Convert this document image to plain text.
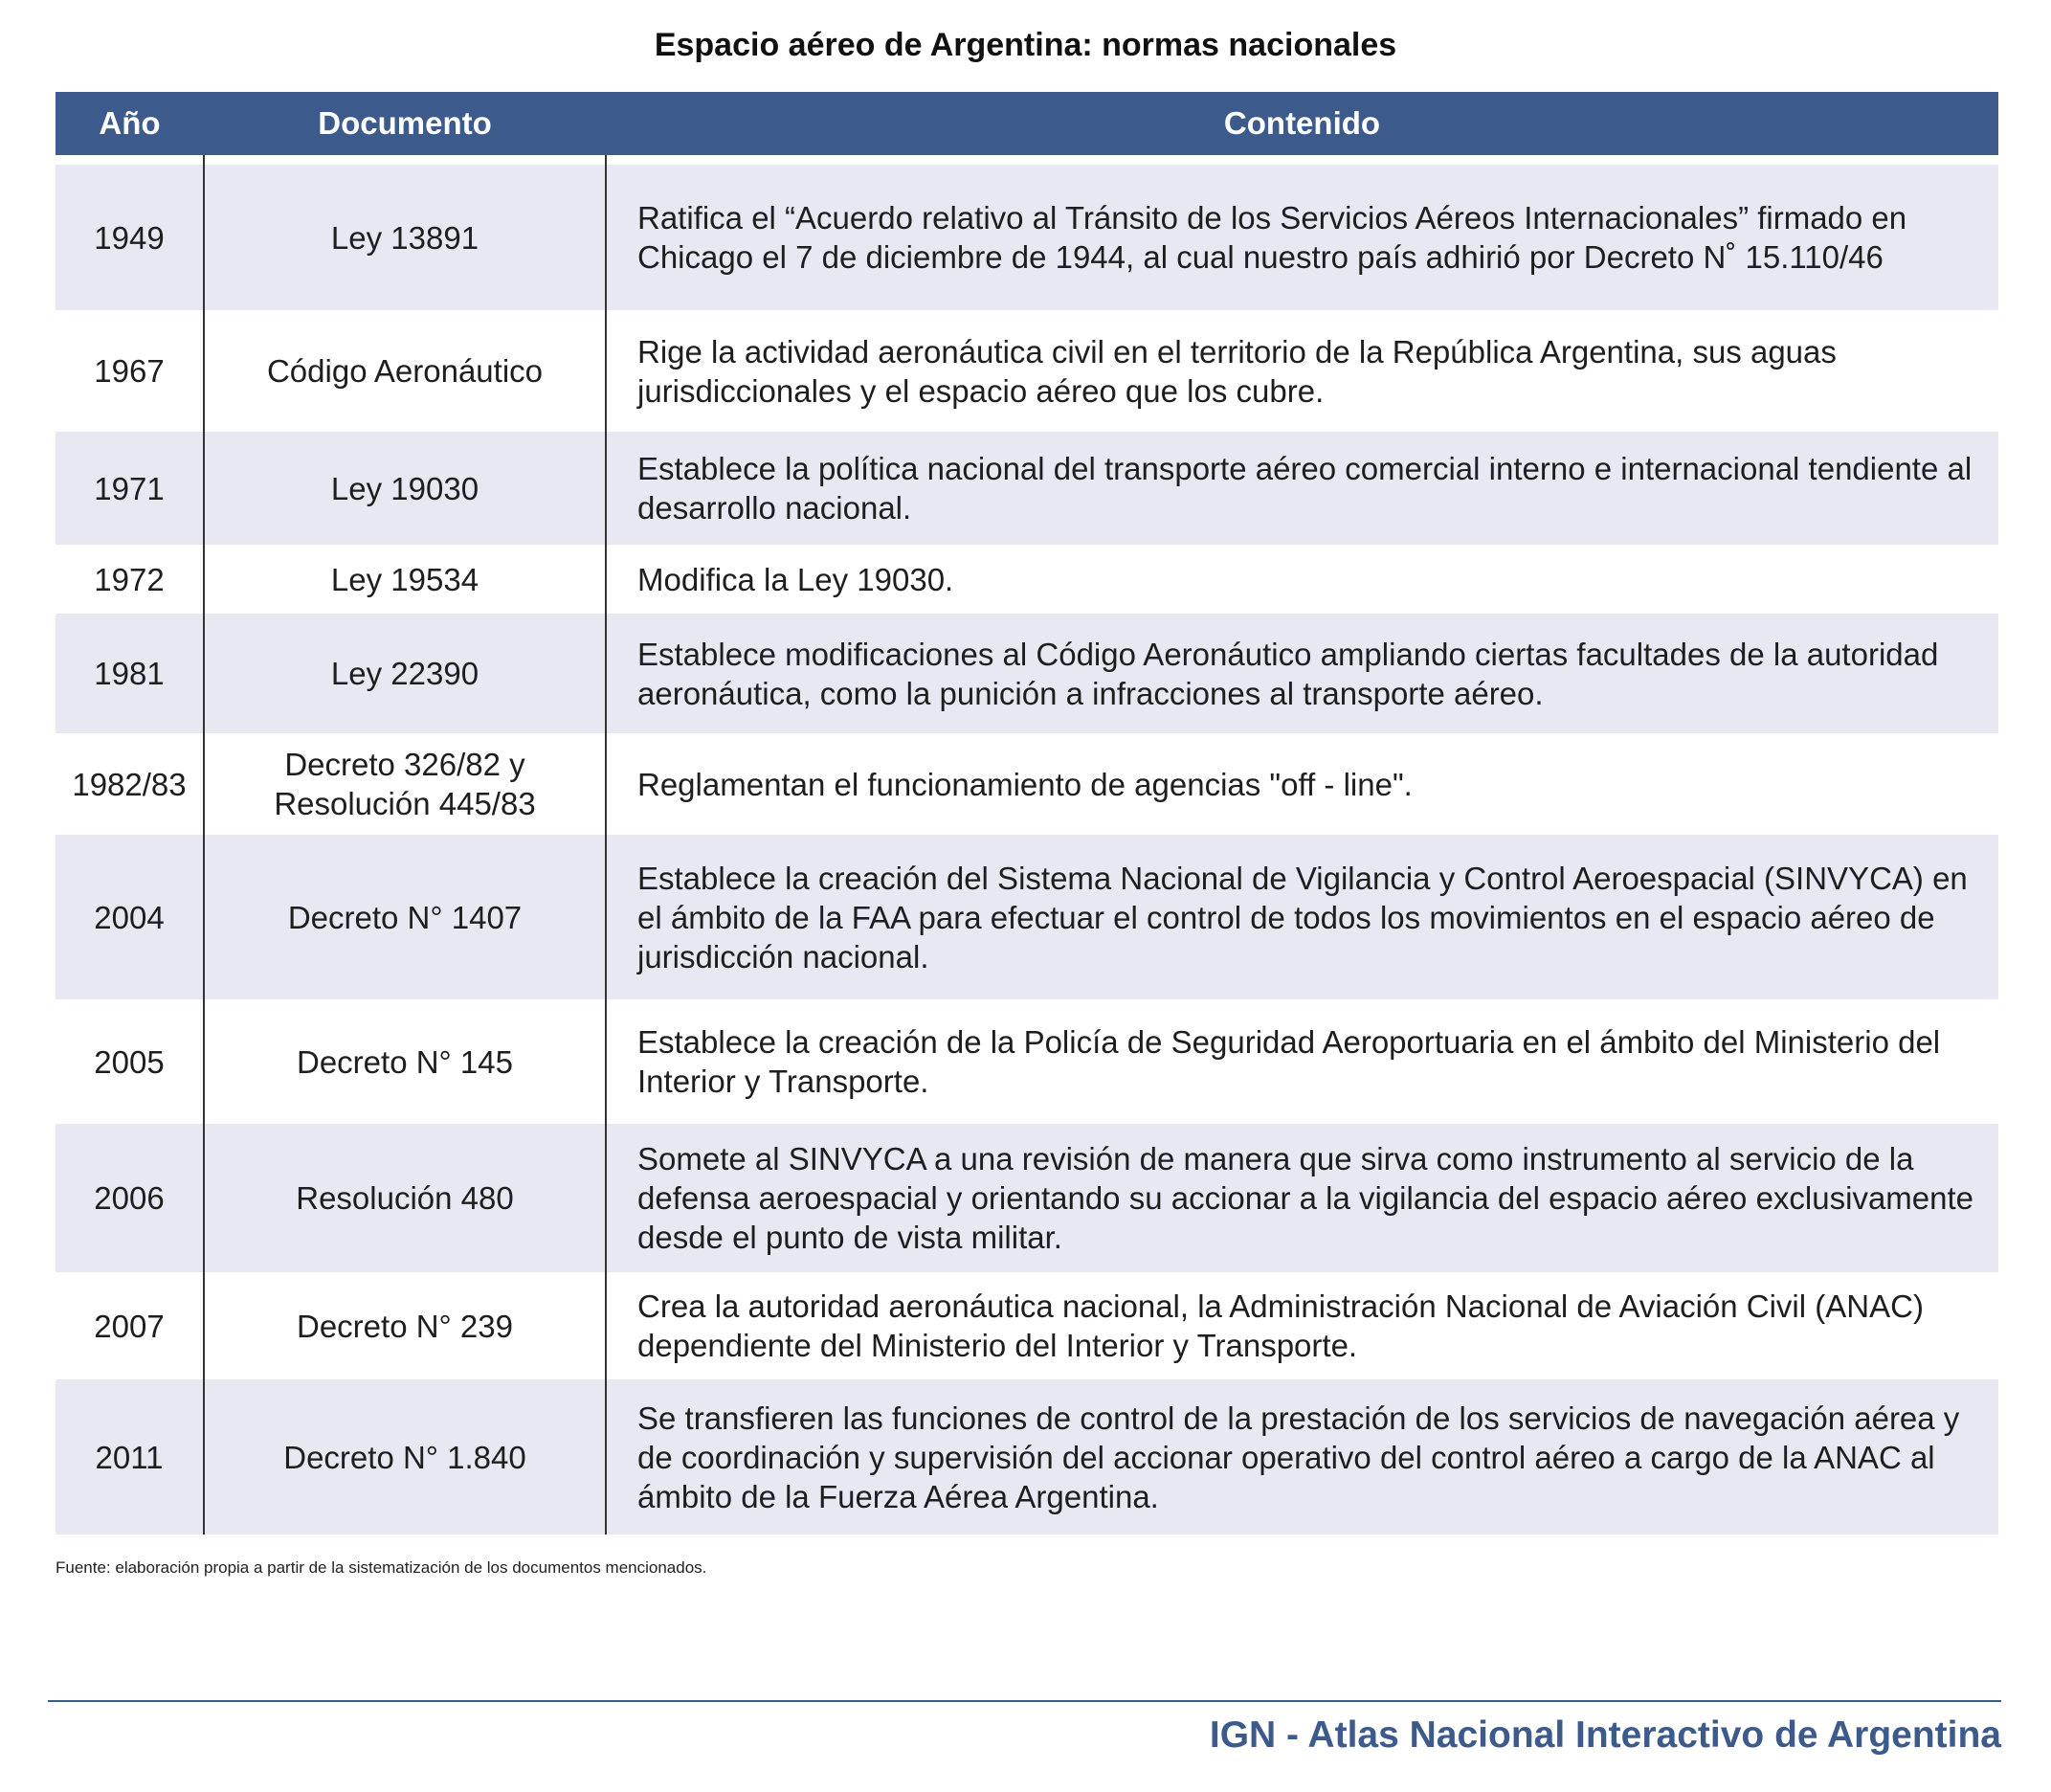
Espacio aéreo de Argentina: normas nacionales
Año	Documento	Contenido

1949	Ley 13891	Ratifica el “Acuerdo relativo al Tránsito de los Servicios Aéreos Internacionales” firmado en Chicago el 7 de diciembre de 1944, al cual nuestro país adhirió por Decreto N˚ 15.110/46
1967	Código Aeronáutico	Rige la actividad aeronáutica civil en el territorio de la República Argentina, sus aguas jurisdiccionales y el espacio aéreo que los cubre.
1971	Ley 19030	Establece la política nacional del transporte aéreo comercial interno e internacional tendiente al desarrollo nacional.
1972	Ley 19534	Modifica la Ley 19030.
1981	Ley 22390	Establece modificaciones al Código Aeronáutico ampliando ciertas facultades de la autoridad aeronáutica, como la punición a infracciones al transporte aéreo.
1982/83	Decreto 326/82 y Resolución 445/83	Reglamentan el funcionamiento de agencias "off - line".
2004	Decreto N° 1407	Establece la creación del Sistema Nacional de Vigilancia y Control Aeroespacial (SINVYCA) en el ámbito de la FAA para efectuar el control de todos los movimientos en el espacio aéreo de jurisdicción nacional.
2005	Decreto N° 145	Establece la creación de la Policía de Seguridad Aeroportuaria en el ámbito del Ministerio del Interior y Transporte.
2006	Resolución 480	Somete al SINVYCA a una revisión de manera que sirva como instrumento al servicio de la defensa aeroespacial y orientando su accionar a la vigilancia del espacio aéreo exclusivamente desde el punto de vista militar.
2007	Decreto N° 239	Crea la autoridad aeronáutica nacional, la Administración Nacional de Aviación Civil (ANAC) dependiente del Ministerio del Interior y Transporte.
2011	Decreto N° 1.840	Se transfieren las funciones de control de la prestación de los servicios de navegación aérea y de coordinación y supervisión del accionar operativo del control aéreo a cargo de la ANAC al ámbito de la Fuerza Aérea Argentina.
Fuente: elaboración propia a partir de la sistematización de los documentos mencionados.
IGN - Atlas Nacional Interactivo de Argentina
